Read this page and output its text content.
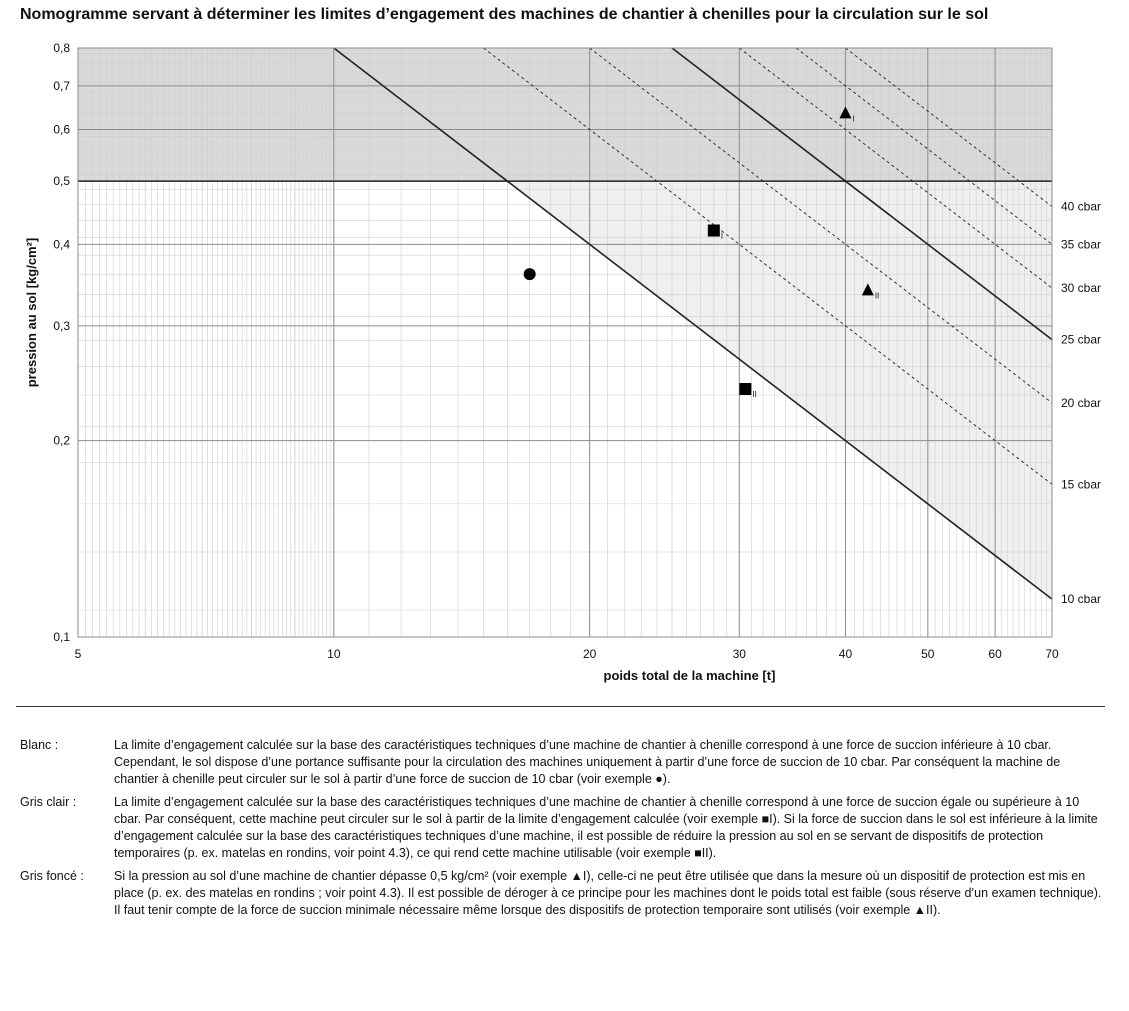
Nomogramme servant à déterminer les limites d’engagement des machines de chantier à chenilles pour la circulation sur le sol
I
II
I
II
5	10	20	30	40	50	60	70
0,1
0,2
0,3
0,4
0,5
0,6
0,7
0,8
poids total de la machine [t]
pression au sol [kg/cm²]
10 cbar
15 cbar
20 cbar
25 cbar
30 cbar
35 cbar
40 cbar
Blanc :	La limite d’engagement calculée sur la base des caractéristiques techniques d’une machine de chantier à chenille correspond à une force de succion inférieure à 10 cbar. Cependant, le sol dispose d’une portance suffisante pour la circulation des machines uniquement à partir d’une force de succion de 10 cbar. Par conséquent la machine de chantier à chenille peut circuler sur le sol à partir d’une force de succion de 10 cbar (voir exemple ●).
Gris clair :	La limite d’engagement calculée sur la base des caractéristiques techniques d’une machine de chantier à chenille correspond à une force de succion égale ou supérieure à 10 cbar. Par conséquent, cette machine peut circuler sur le sol à partir de la limite d’engagement calculée (voir exemple ■I). Si la force de succion dans le sol est inférieure à la limite d’engagement calculée sur la base des caractéristiques techniques d’une machine, il est possible de réduire la pression au sol en se servant de dispositifs de protection temporaires (p. ex. matelas en rondins, voir point 4.3), ce qui rend cette machine utilisable (voir exemple ■II).
Gris foncé :	Si la pression au sol d’une machine de chantier dépasse 0,5 kg/cm² (voir exemple ▲I), celle-ci ne peut être utilisée que dans la mesure où un dispositif de protection est mis en place (p. ex. des matelas en rondins ; voir point 4.3). Il est possible de déroger à ce principe pour les machines dont le poids total est faible (sous réserve d’un examen technique). Il faut tenir compte de la force de succion minimale nécessaire même lorsque des dispositifs de protection temporaire sont utilisés (voir exemple ▲II).
